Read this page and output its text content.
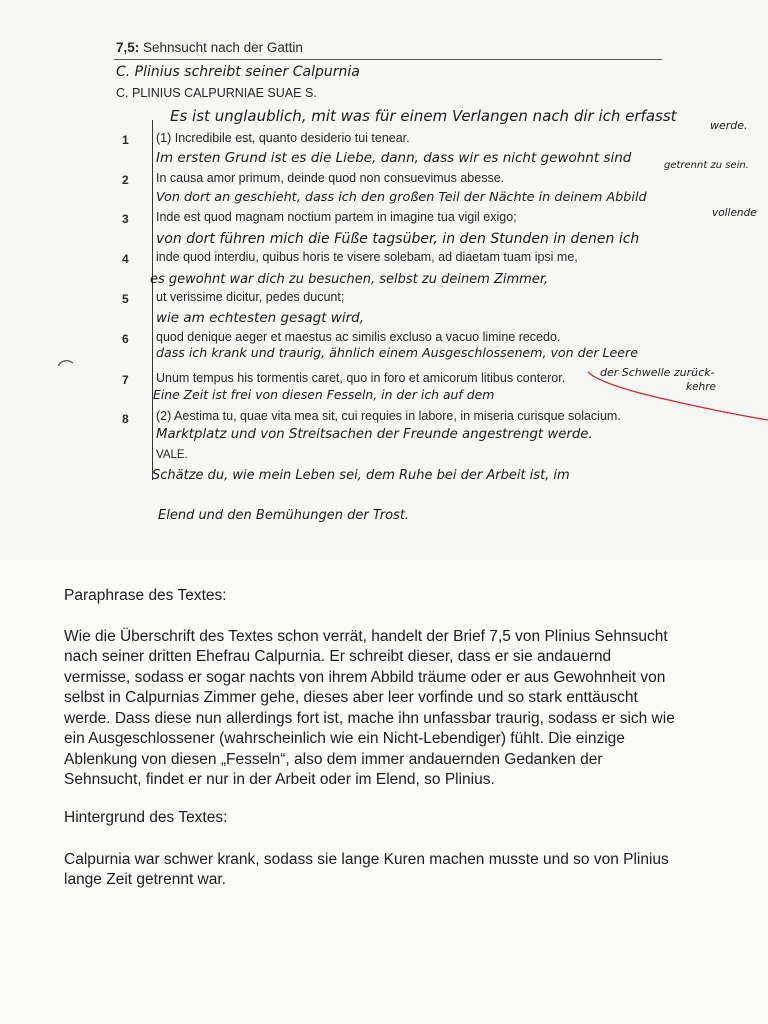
7,5: Sehnsucht nach der Gattin
C. Plinius schreibt seiner Calpurnia
C. PLINIUS CALPURNIAE SUAE S.
Es ist unglaublich, mit was für einem Verlangen nach dir ich erfasst
werde.
Im ersten Grund ist es die Liebe, dann, dass wir es nicht gewohnt sind	getrennt zu sein.
Von dort an geschieht, dass ich den großen Teil der Nächte in deinem Abbild
vollende
von dort führen mich die Füße tagsüber, in den Stunden in denen ich
es gewohnt war dich zu besuchen, selbst zu deinem Zimmer,
wie am echtesten gesagt wird,
dass ich krank und traurig, ähnlich einem Ausgeschlossenem, von der Leere
der Schwelle zurück-
kehre
Eine Zeit ist frei von diesen Fesseln, in der ich auf dem
Marktplatz und von Streitsachen der Freunde angestrengt werde.
Schätze du, wie mein Leben sei, dem Ruhe bei der Arbeit ist, im
Elend und den Bemühungen der Trost.
1 (1) Incredibile est, quanto desiderio tui tenear.
2 In causa amor primum, deinde quod non consuevimus abesse.
3 Inde est quod magnam noctium partem in imagine tua vigil exigo;
4 inde quod interdiu, quibus horis te visere solebam, ad diaetam tuam ipsi me,
5 ut verissime dicitur, pedes ducunt;
6 quod denique aeger et maestus ac similis excluso a vacuo limine recedo.
7 Unum tempus his tormentis caret, quo in foro et amicorum litibus conteror.
8 (2) Aestima tu, quae vita mea sit, cui requies in labore, in miseria curisque solacium.
VALE.
Paraphrase des Textes:
Wie die Überschrift des Textes schon verrät, handelt der Brief 7,5 von Plinius Sehnsucht
nach seiner dritten Ehefrau Calpurnia. Er schreibt dieser, dass er sie andauernd
vermisse, sodass er sogar nachts von ihrem Abbild träume oder er aus Gewohnheit von
selbst in Calpurnias Zimmer gehe, dieses aber leer vorfinde und so stark enttäuscht
werde. Dass diese nun allerdings fort ist, mache ihn unfassbar traurig, sodass er sich wie
ein Ausgeschlossener (wahrscheinlich wie ein Nicht-Lebendiger) fühlt. Die einzige
Ablenkung von diesen „Fesseln“, also dem immer andauernden Gedanken der
Sehnsucht, findet er nur in der Arbeit oder im Elend, so Plinius.
Hintergrund des Textes:
Calpurnia war schwer krank, sodass sie lange Kuren machen musste und so von Plinius
lange Zeit getrennt war.
